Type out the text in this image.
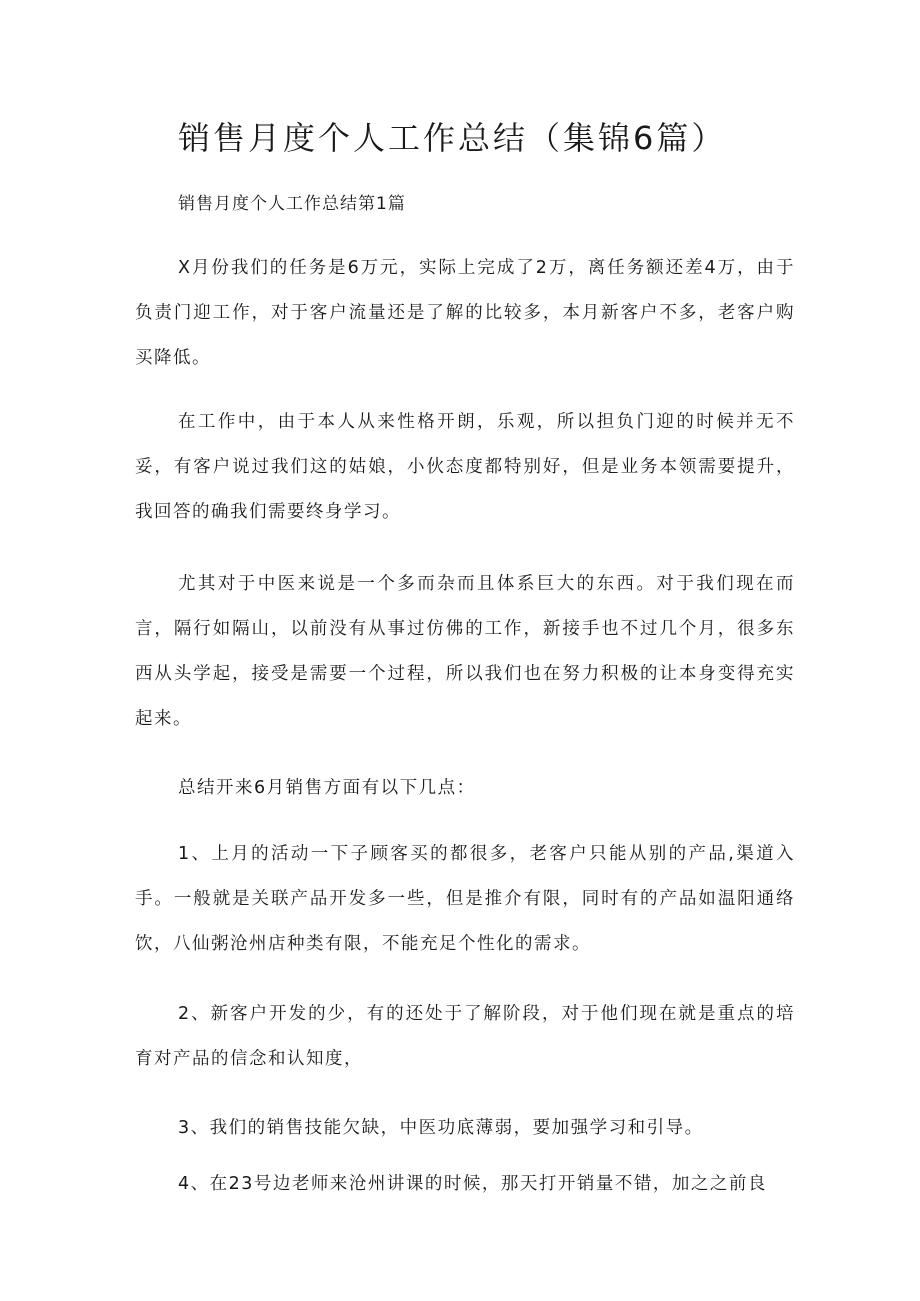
销售月度个人工作总结（集锦6篇）
销售月度个人工作总结第1篇

X月份我们的任务是6万元，实际上完成了2万，离任务额还差4万，由于负责门迎工作，对于客户流量还是了解的比较多，本月新客户不多，老客户购买降低。

在工作中，由于本人从来性格开朗，乐观，所以担负门迎的时候并无不妥，有客户说过我们这的姑娘，小伙态度都特别好，但是业务本领需要提升，我回答的确我们需要终身学习。

尤其对于中医来说是一个多而杂而且体系巨大的东西。对于我们现在而言，隔行如隔山，以前没有从事过仿佛的工作，新接手也不过几个月，很多东西从头学起，接受是需要一个过程，所以我们也在努力积极的让本身变得充实起来。

总结开来6月销售方面有以下几点：

1、上月的活动一下子顾客买的都很多，老客户只能从别的产品,渠道入手。一般就是关联产品开发多一些，但是推介有限，同时有的产品如温阳通络饮，八仙粥沧州店种类有限，不能充足个性化的需求。

2、新客户开发的少，有的还处于了解阶段，对于他们现在就是重点的培育对产品的信念和认知度，

3、我们的销售技能欠缺，中医功底薄弱，要加强学习和引导。

4、在23号边老师来沧州讲课的时候，那天打开销量不错，加之之前良
